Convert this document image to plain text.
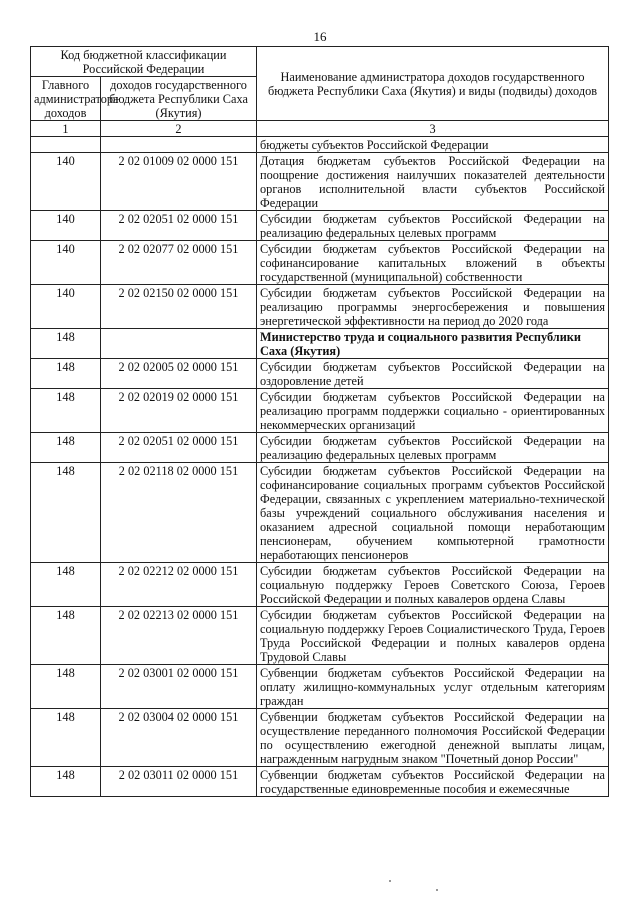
16
Код бюджетной классификации Российской Федерации		Наименование администратора доходов государственного бюджета Республики Саха (Якутия) и виды (подвиды) доходов
Главного администратора доходов	доходов государственного бюджета Республики Саха (Якутия)	
1	2	3
		бюджеты субъектов Российской Федерации
140	2 02 01009 02 0000 151	Дотация бюджетам субъектов Российской Федерации на поощрение достижения наилучших показателей деятельности органов исполнительной власти субъектов Российской Федерации
140	2 02 02051 02 0000 151	Субсидии бюджетам субъектов Российской Федерации на реализацию федеральных целевых программ
140	2 02 02077 02 0000 151	Субсидии бюджетам субъектов Российской Федерации на софинансирование капитальных вложений в объекты государственной (муниципальной) собственности
140	2 02 02150 02 0000 151	Субсидии бюджетам субъектов Российской Федерации на реализацию программы энергосбережения и повышения энергетической эффективности на период до 2020 года
148		Министерство труда и социального развития Республики Саха (Якутия)
148	2 02 02005 02 0000 151	Субсидии бюджетам субъектов Российской Федерации на оздоровление детей
148	2 02 02019 02 0000 151	Субсидии бюджетам субъектов Российской Федерации на реализацию программ поддержки социально - ориентированных некоммерческих организаций
148	2 02 02051 02 0000 151	Субсидии бюджетам субъектов Российской Федерации на реализацию федеральных целевых программ
148	2 02 02118 02 0000 151	Субсидии бюджетам субъектов Российской Федерации на софинансирование социальных программ субъектов Российской Федерации, связанных с укреплением материально-технической базы учреждений социального обслуживания населения и оказанием адресной социальной помощи неработающим пенсионерам, обучением компьютерной грамотности неработающих пенсионеров
148	2 02 02212 02 0000 151	Субсидии бюджетам субъектов Российской Федерации на социальную поддержку Героев Советского Союза, Героев Российской Федерации и полных кавалеров ордена Славы
148	2 02 02213 02 0000 151	Субсидии бюджетам субъектов Российской Федерации на социальную поддержку Героев Социалистического Труда, Героев Труда Российской Федерации и полных кавалеров ордена Трудовой Славы
148	2 02 03001 02 0000 151	Субвенции бюджетам субъектов Российской Федерации на оплату жилищно-коммунальных услуг отдельным категориям граждан
148	2 02 03004 02 0000 151	Субвенции бюджетам субъектов Российской Федерации на осуществление переданного полномочия Российской Федерации по осуществлению ежегодной денежной выплаты лицам, награжденным нагрудным знаком "Почетный донор России"
148	2 02 03011 02 0000 151	Субвенции бюджетам субъектов Российской Федерации на государственные единовременные пособия и ежемесячные
